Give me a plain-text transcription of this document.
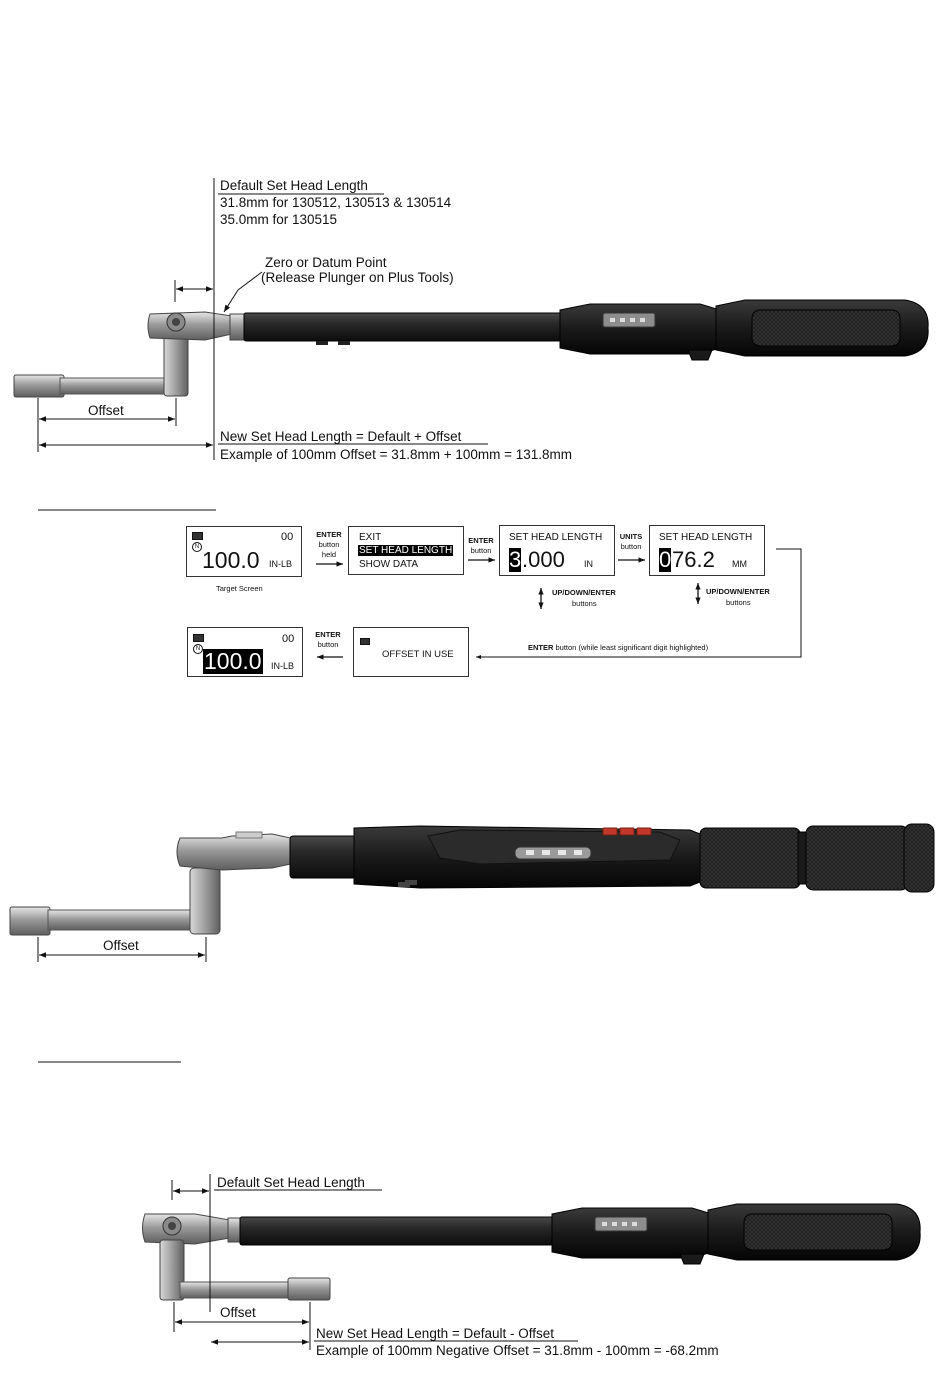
Default Set Head Length
31.8mm for 130512, 130513 & 130514
35.0mm for 130515
Zero or Datum Point
(Release Plunger on Plus Tools)
Offset
New Set Head Length = Default + Offset
Example of 100mm Offset = 31.8mm + 100mm = 131.8mm
N
00
100.0 IN-LB
Target Screen
ENTER
button
held
EXIT
SET HEAD LENGTH
SHOW DATA
ENTER
button
SET HEAD LENGTH
3 .000 IN
UNITS
button
SET HEAD LENGTH
0 76.2 MM
UP/DOWN/ENTER
buttons
UP/DOWN/ENTER
buttons
ENTER button (while least significant digit highlighted)
OFFSET IN USE
ENTER
button
N
00
100.0 IN-LB
Offset
Default Set Head Length
Offset
New Set Head Length = Default - Offset
Example of 100mm Negative Offset = 31.8mm - 100mm = -68.2mm
